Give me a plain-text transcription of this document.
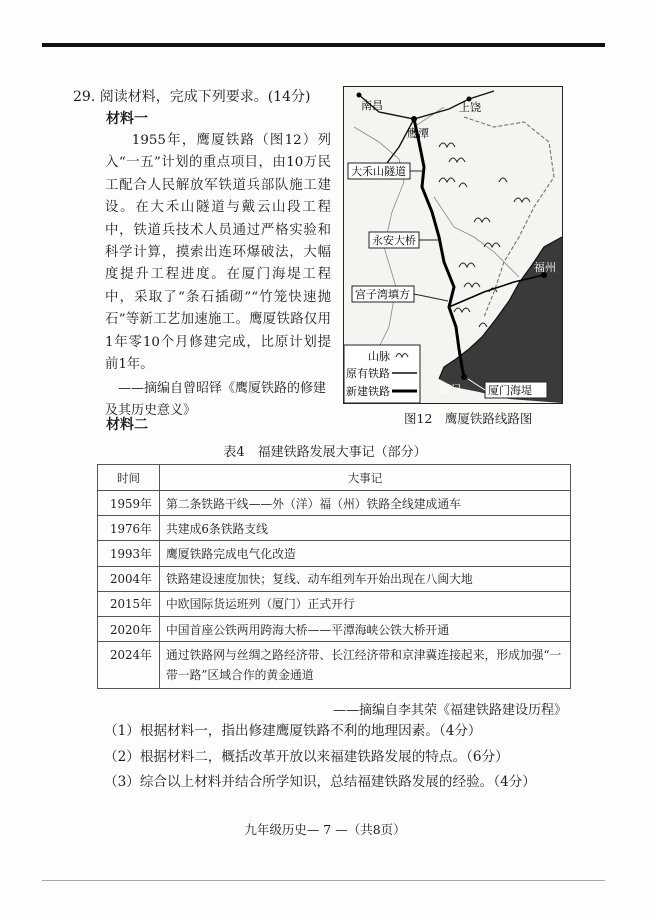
29. 阅读材料，完成下列要求。(14分)
材料一

1955年，鹰厦铁路（图12）列入“一五”计划的重点项目，由10万民工配合人民解放军铁道兵部队施工建设。在大禾山隧道与戴云山段工程中，铁道兵技术人员通过严格实验和科学计算，摸索出连环爆破法，大幅度提升工程进度。在厦门海堤工程中，采取了“条石插砌”“竹笼快速抛石”等新工艺加速施工。鹰厦铁路仅用1年零10个月修建完成，比原计划提前1年。

——摘编自曾昭铎《鹰厦铁路的修建及其历史意义》

南昌
鹰潭
上饶
福州
厦门
大禾山隧道
永安大桥
宫子湾填方
厦门海堤
山脉
原有铁路
新建铁路
图12　鹰厦铁路线路图
材料二
表4　福建铁路发展大事记（部分）
时间	大事记
1959年	第二条铁路干线——外（洋）福（州）铁路全线建成通车
1976年	共建成6条铁路支线
1993年	鹰厦铁路完成电气化改造
2004年	铁路建设速度加快；复线、动车组列车开始出现在八闽大地
2015年	中欧国际货运班列（厦门）正式开行
2020年	中国首座公铁两用跨海大桥——平潭海峡公铁大桥开通
2024年	通过铁路网与丝绸之路经济带、长江经济带和京津冀连接起来，形成加强“一带一路”区域合作的黄金通道
——摘编自李其荣《福建铁路建设历程》
（1）根据材料一，指出修建鹰厦铁路不利的地理因素。（4分）
（2）根据材料二，概括改革开放以来福建铁路发展的特点。（6分）
（3）综合以上材料并结合所学知识，总结福建铁路发展的经验。（4分）
九年级历史— 7 —（共8页）
